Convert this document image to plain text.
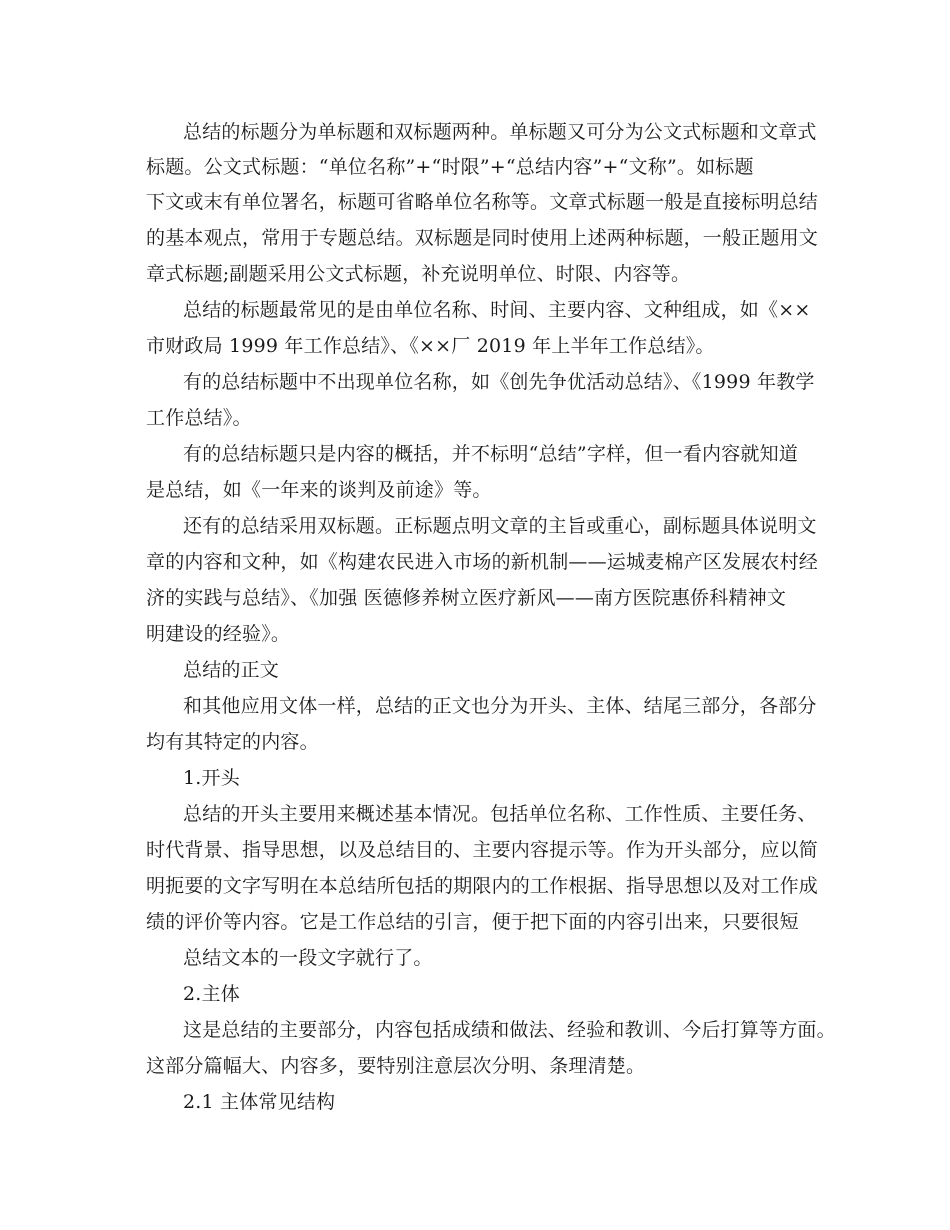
总结的标题分为单标题和双标题两种。单标题又可分为公文式标题和文章式

标题。公文式标题：“单位名称”+“时限”+“总结内容”+“文称”。如标题

下文或末有单位署名，标题可省略单位名称等。文章式标题一般是直接标明总结

的基本观点，常用于专题总结。双标题是同时使用上述两种标题，一般正题用文

章式标题;副题采用公文式标题，补充说明单位、时限、内容等。

总结的标题最常见的是由单位名称、时间、主要内容、文种组成，如《××

市财政局 1999 年工作总结》、《××厂 2019 年上半年工作总结》。

有的总结标题中不出现单位名称，如《创先争优活动总结》、《1999 年教学

工作总结》。

有的总结标题只是内容的概括，并不标明“总结”字样，但一看内容就知道

是总结，如《一年来的谈判及前途》等。

还有的总结采用双标题。正标题点明文章的主旨或重心，副标题具体说明文

章的内容和文种，如《构建农民进入市场的新机制——运城麦棉产区发展农村经

济的实践与总结》、《加强 医德修养树立医疗新风——南方医院惠侨科精神文

明建设的经验》。

总结的正文

和其他应用文体一样，总结的正文也分为开头、主体、结尾三部分，各部分

均有其特定的内容。

1.开头

总结的开头主要用来概述基本情况。包括单位名称、工作性质、主要任务、

时代背景、指导思想，以及总结目的、主要内容提示等。作为开头部分，应以简

明扼要的文字写明在本总结所包括的期限内的工作根据、指导思想以及对工作成

绩的评价等内容。它是工作总结的引言，便于把下面的内容引出来，只要很短

总结文本的一段文字就行了。

2.主体

这是总结的主要部分，内容包括成绩和做法、经验和教训、今后打算等方面。

这部分篇幅大、内容多，要特别注意层次分明、条理清楚。

2.1 主体常见结构
